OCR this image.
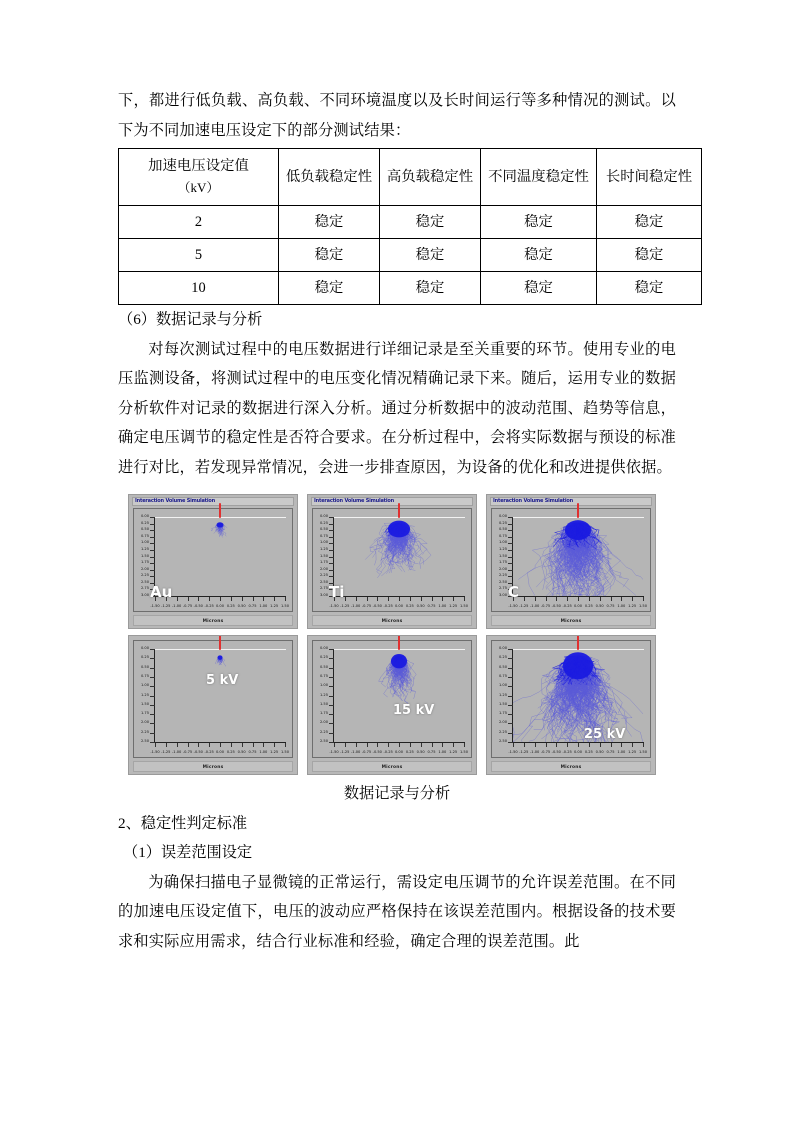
下，都进行低负载、高负载、不同环境温度以及长时间运行等多种情况的测试。以下为不同加速电压设定下的部分测试结果：

加速电压设定值
（kV）	低负载稳定性	高负载稳定性	不同温度稳定性	长时间稳定性
2	稳定	稳定	稳定	稳定
5	稳定	稳定	稳定	稳定
10	稳定	稳定	稳定	稳定

（6）数据记录与分析

对每次测试过程中的电压数据进行详细记录是至关重要的环节。使用专业的电压监测设备，将测试过程中的电压变化情况精确记录下来。随后，运用专业的数据分析软件对记录的数据进行深入分析。通过分析数据中的波动范围、趋势等信息，确定电压调节的稳定性是否符合要求。在分析过程中，会将实际数据与预设的标准进行对比，若发现异常情况，会进一步排查原因，为设备的优化和改进提供依据。

Interaction Volume Simulation
0.00
0.25
0.50
0.75
1.00
1.25
1.50
1.75
2.00
2.25
2.50
2.75
3.00
-1.50 -1.25 -1.00 -0.75 -0.50 -0.25 0.00 0.25 0.50 0.75 1.00 1.25 1.50
Au
Microns
Interaction Volume Simulation
0.00
0.25
0.50
0.75
1.00
1.25
1.50
1.75
2.00
2.25
2.50
2.75
3.00
-1.50 -1.25 -1.00 -0.75 -0.50 -0.25 0.00 0.25 0.50 0.75 1.00 1.25 1.50
Ti
Microns
Interaction Volume Simulation
0.00
0.25
0.50
0.75
1.00
1.25
1.50
1.75
2.00
2.25
2.50
2.75
3.00
-1.50 -1.25 -1.00 -0.75 -0.50 -0.25 0.00 0.25 0.50 0.75 1.00 1.25 1.50
C
Microns
0.00
0.25
0.50
0.75
1.00
1.25
1.50
1.75
2.00
2.25
2.50
-1.50 -1.25 -1.00 -0.75 -0.50 -0.25 0.00 0.25 0.50 0.75 1.00 1.25 1.50
5 kV
Microns
0.00
0.25
0.50
0.75
1.00
1.25
1.50
1.75
2.00
2.25
2.50
-1.50 -1.25 -1.00 -0.75 -0.50 -0.25 0.00 0.25 0.50 0.75 1.00 1.25 1.50
15 kV
Microns
0.00
0.25
0.50
0.75
1.00
1.25
1.50
1.75
2.00
2.25
2.50
-1.50 -1.25 -1.00 -0.75 -0.50 -0.25 0.00 0.25 0.50 0.75 1.00 1.25 1.50
25 kV
Microns
数据记录与分析

2、稳定性判定标准

（1）误差范围设定

为确保扫描电子显微镜的正常运行，需设定电压调节的允许误差范围。在不同的加速电压设定值下，电压的波动应严格保持在该误差范围内。根据设备的技术要求和实际应用需求，结合行业标准和经验，确定合理的误差范围。此
